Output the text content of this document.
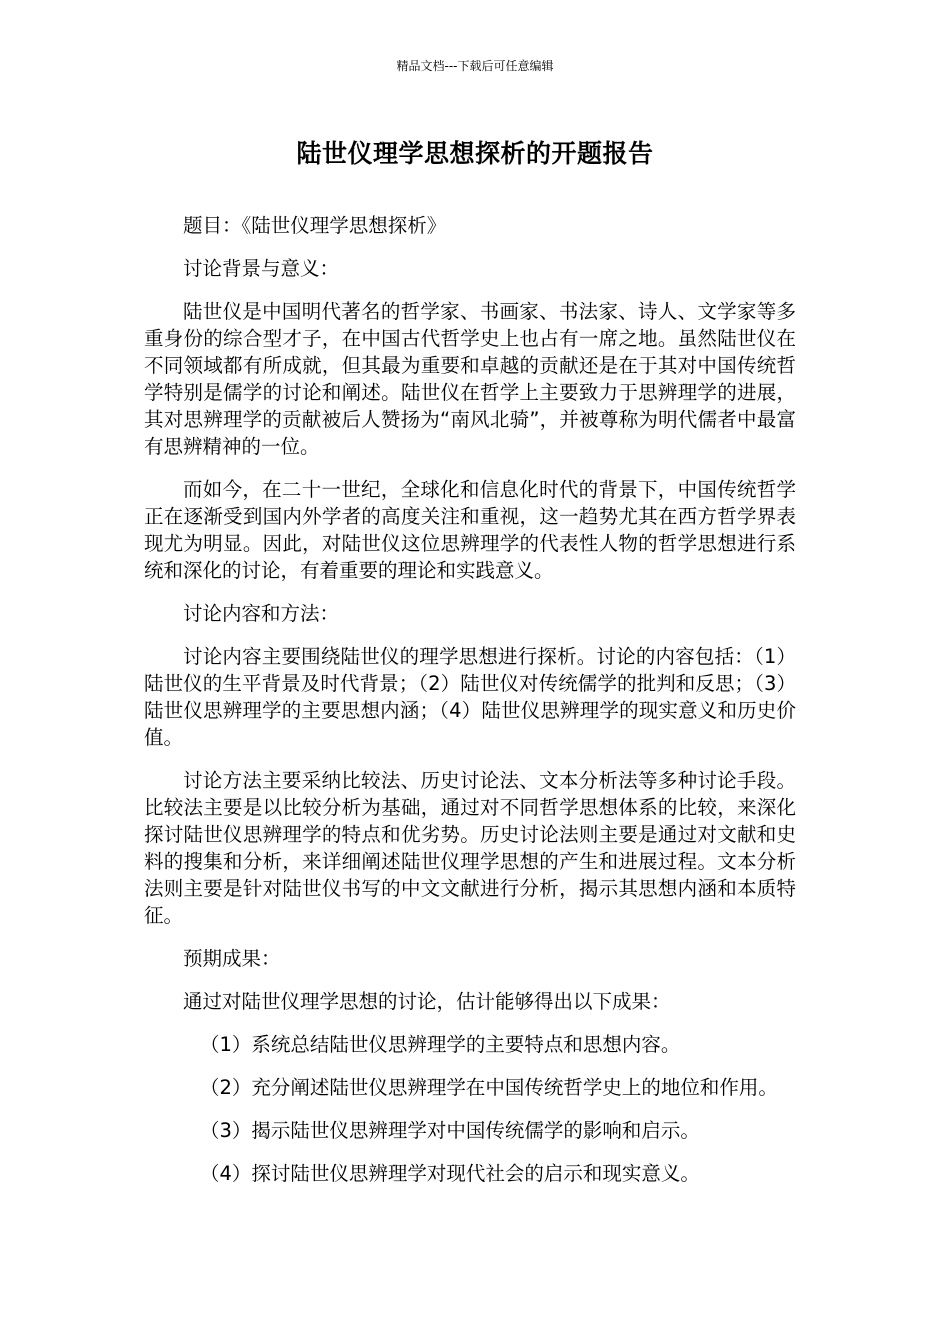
精品文档---下载后可任意编辑
陆世仪理学思想探析的开题报告

题目：《陆世仪理学思想探析》

讨论背景与意义：

陆世仪是中国明代著名的哲学家、书画家、书法家、诗人、文学家等多重身份的综合型才子，在中国古代哲学史上也占有一席之地。虽然陆世仪在不同领域都有所成就，但其最为重要和卓越的贡献还是在于其对中国传统哲学特别是儒学的讨论和阐述。陆世仪在哲学上主要致力于思辨理学的进展，其对思辨理学的贡献被后人赞扬为“南风北骑”，并被尊称为明代儒者中最富有思辨精神的一位。

而如今，在二十一世纪，全球化和信息化时代的背景下，中国传统哲学正在逐渐受到国内外学者的高度关注和重视，这一趋势尤其在西方哲学界表现尤为明显。因此，对陆世仪这位思辨理学的代表性人物的哲学思想进行系统和深化的讨论，有着重要的理论和实践意义。

讨论内容和方法：

讨论内容主要围绕陆世仪的理学思想进行探析。讨论的内容包括：（1）陆世仪的生平背景及时代背景；（2）陆世仪对传统儒学的批判和反思；（3）陆世仪思辨理学的主要思想内涵；（4）陆世仪思辨理学的现实意义和历史价值。

讨论方法主要采纳比较法、历史讨论法、文本分析法等多种讨论手段。比较法主要是以比较分析为基础，通过对不同哲学思想体系的比较，来深化探讨陆世仪思辨理学的特点和优劣势。历史讨论法则主要是通过对文献和史料的搜集和分析，来详细阐述陆世仪理学思想的产生和进展过程。文本分析法则主要是针对陆世仪书写的中文文献进行分析，揭示其思想内涵和本质特征。

预期成果：

通过对陆世仪理学思想的讨论，估计能够得出以下成果：

（1）系统总结陆世仪思辨理学的主要特点和思想内容。
（2）充分阐述陆世仪思辨理学在中国传统哲学史上的地位和作用。
（3）揭示陆世仪思辨理学对中国传统儒学的影响和启示。
（4）探讨陆世仪思辨理学对现代社会的启示和现实意义。
